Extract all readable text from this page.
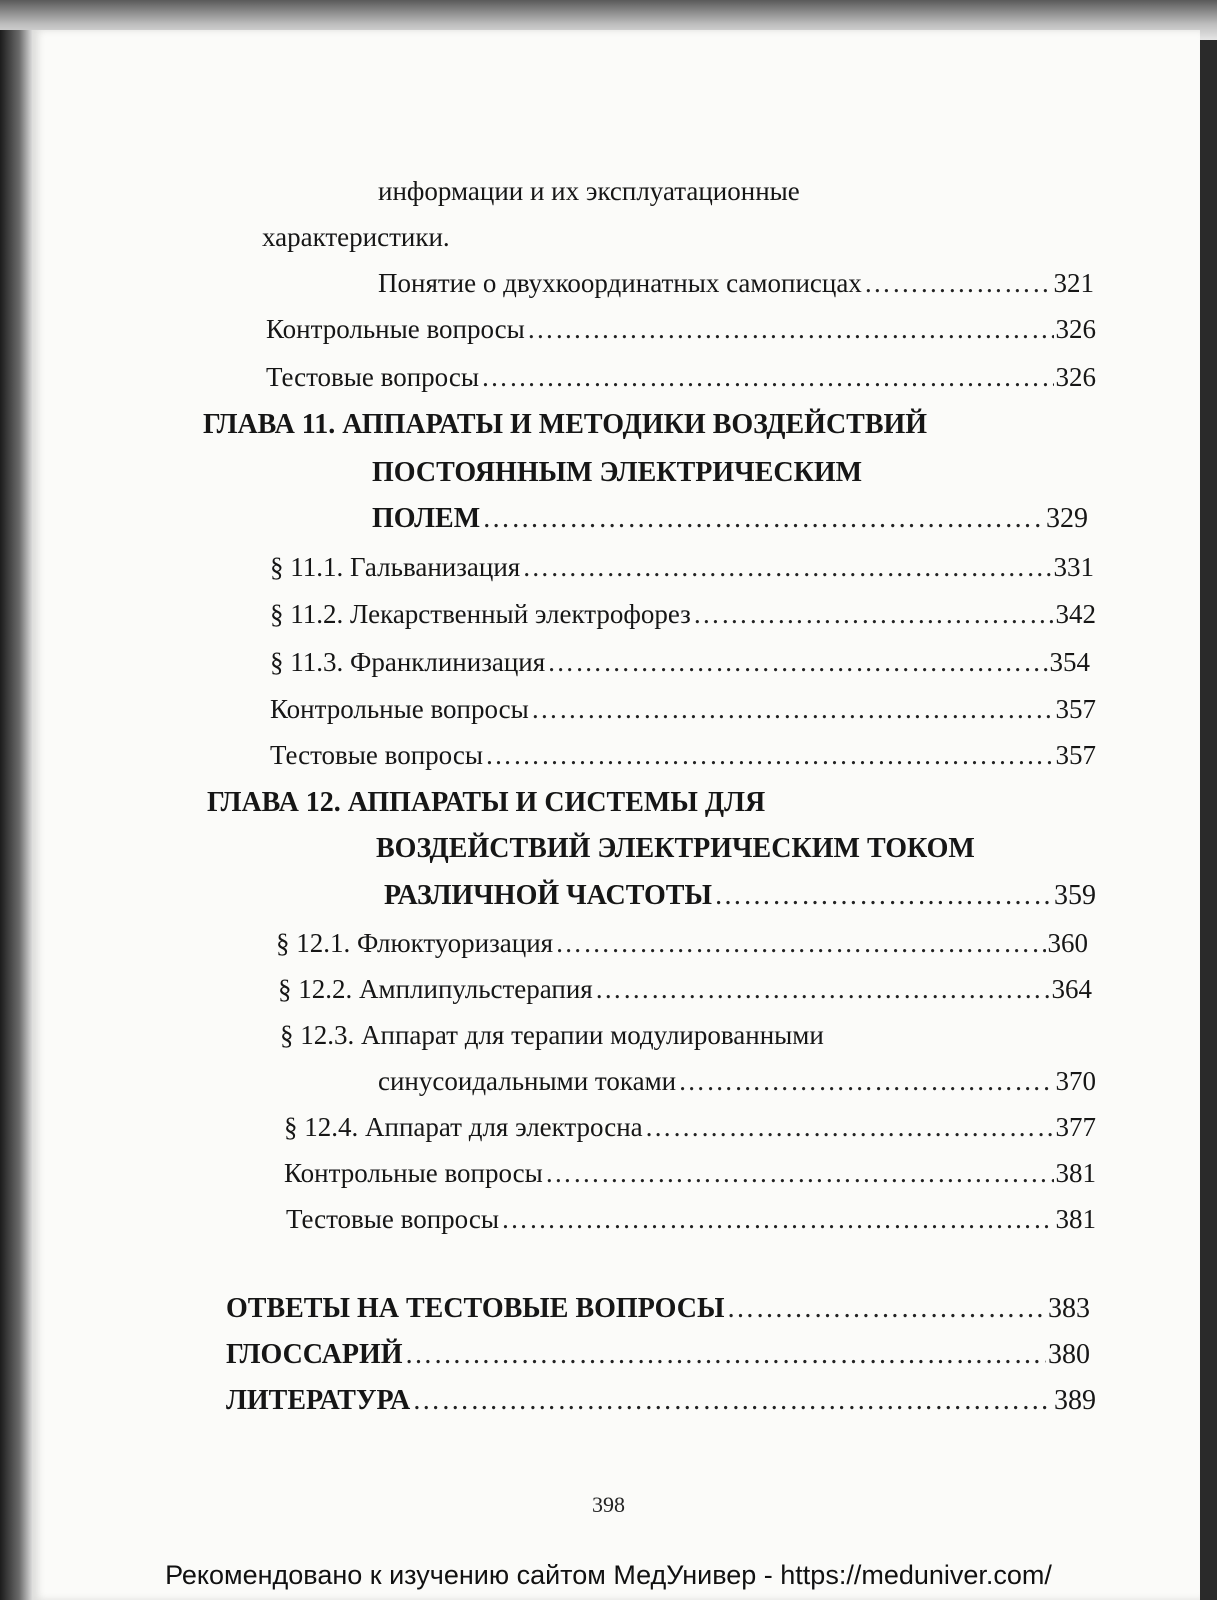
информации и их эксплуатационные
характеристики.
Понятие о двухкоординатных самописцах ………………………………………………………………………………………………………………………………………………………………	321
Контрольные вопросы ………………………………………………………………………………………………………………………………………………………………	326
Тестовые вопросы ………………………………………………………………………………………………………………………………………………………………	326
ГЛАВА 11. АППАРАТЫ И МЕТОДИКИ ВОЗДЕЙСТВИЙ
ПОСТОЯННЫМ ЭЛЕКТРИЧЕСКИМ
ПОЛЕМ ………………………………………………………………………………………………………………………………………………………………	329
§ 11.1. Гальванизация ………………………………………………………………………………………………………………………………………………………………	331
§ 11.2. Лекарственный электрофорез ………………………………………………………………………………………………………………………………………………………………	342
§ 11.3. Франклинизация ………………………………………………………………………………………………………………………………………………………………	354
Контрольные вопросы ………………………………………………………………………………………………………………………………………………………………	357
Тестовые вопросы ………………………………………………………………………………………………………………………………………………………………	357
ГЛАВА 12. АППАРАТЫ И СИСТЕМЫ ДЛЯ
ВОЗДЕЙСТВИЙ ЭЛЕКТРИЧЕСКИМ ТОКОМ
РАЗЛИЧНОЙ ЧАСТОТЫ ………………………………………………………………………………………………………………………………………………………………	359
§ 12.1. Флюктуоризация ………………………………………………………………………………………………………………………………………………………………	360
§ 12.2. Амплипульстерапия ………………………………………………………………………………………………………………………………………………………………	364
§ 12.3. Аппарат для терапии модулированными
синусоидальными токами ………………………………………………………………………………………………………………………………………………………………	370
§ 12.4. Аппарат для электросна ………………………………………………………………………………………………………………………………………………………………	377
Контрольные вопросы ………………………………………………………………………………………………………………………………………………………………	381
Тестовые вопросы ………………………………………………………………………………………………………………………………………………………………	381
ОТВЕТЫ НА ТЕСТОВЫЕ ВОПРОСЫ ………………………………………………………………………………………………………………………………………………………………	383
ГЛОССАРИЙ ………………………………………………………………………………………………………………………………………………………………	380
ЛИТЕРАТУРА ………………………………………………………………………………………………………………………………………………………………	389
398
Рекомендовано к изучению сайтом МедУнивер - https://meduniver.com/
